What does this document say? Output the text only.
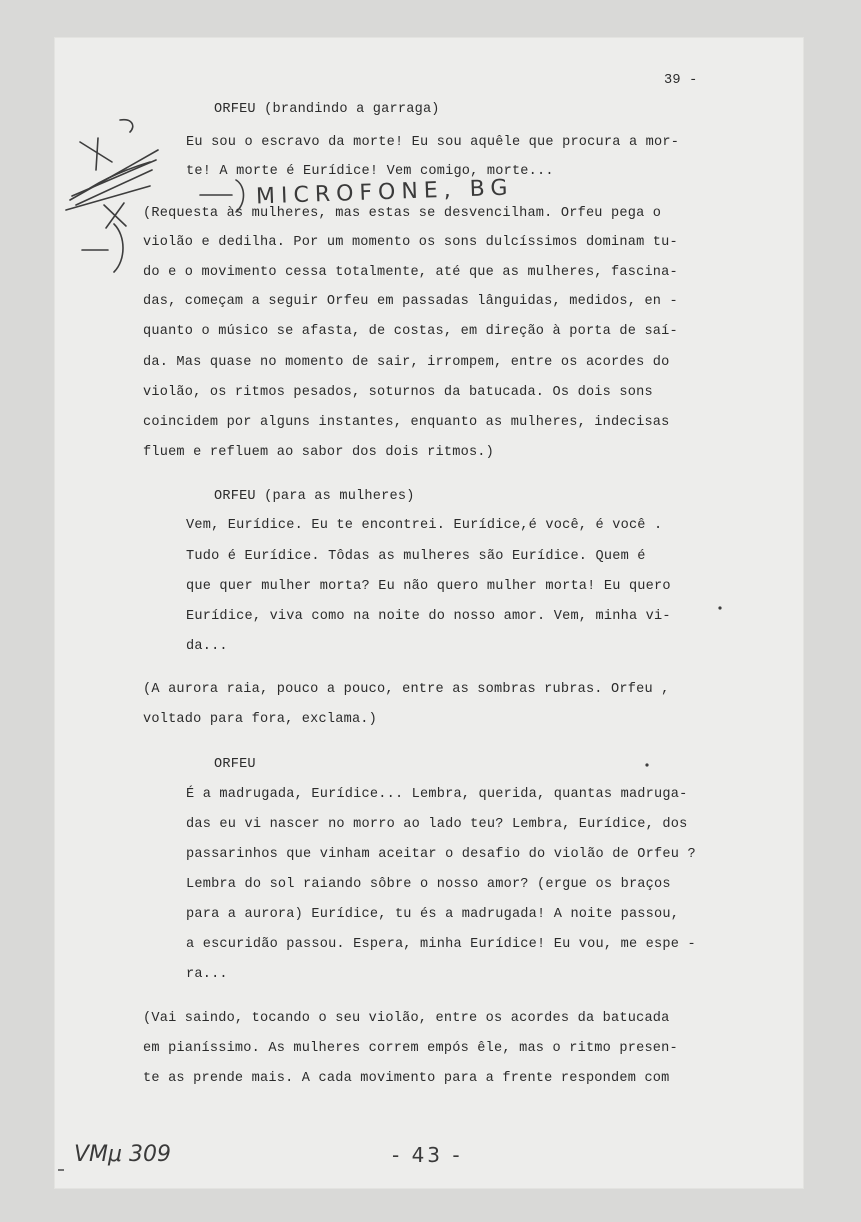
39 -
ORFEU (brandindo a garraga)
Eu sou o escravo da morte! Eu sou aquêle que procura a mor-
te! A morte é Eurídice! Vem comigo, morte...
(Requesta às mulheres, mas estas se desvencilham. Orfeu pega o
violão e dedilha. Por um momento os sons dulcíssimos dominam tu-
do e o movimento cessa totalmente, até que as mulheres, fascina-
das, começam a seguir Orfeu em passadas lânguidas, medidos, en -
quanto o músico se afasta, de costas, em direção à porta de saí-
da. Mas quase no momento de sair, irrompem, entre os acordes do
violão, os ritmos pesados, soturnos da batucada. Os dois sons
coincidem por alguns instantes, enquanto as mulheres, indecisas
fluem e refluem ao sabor dos dois ritmos.)
ORFEU (para as mulheres)
Vem, Eurídice. Eu te encontrei. Eurídice,é você, é você .
Tudo é Eurídice. Tôdas as mulheres são Eurídice. Quem é
que quer mulher morta? Eu não quero mulher morta! Eu quero
Eurídice, viva como na noite do nosso amor. Vem, minha vi-
da...
(A aurora raia, pouco a pouco, entre as sombras rubras. Orfeu ,
voltado para fora, exclama.)
ORFEU
É a madrugada, Eurídice... Lembra, querida, quantas madruga-
das eu vi nascer no morro ao lado teu? Lembra, Eurídice, dos
passarinhos que vinham aceitar o desafio do violão de Orfeu ?
Lembra do sol raiando sôbre o nosso amor? (ergue os braços
para a aurora) Eurídice, tu és a madrugada! A noite passou,
a escuridão passou. Espera, minha Eurídice! Eu vou, me espe -
ra...
(Vai saindo, tocando o seu violão, entre os acordes da batucada
em pianíssimo. As mulheres correm empós êle, mas o ritmo presen-
te as prende mais. A cada movimento para a frente respondem com
MICROFONE, BG
VMμ 309	- 43 -
